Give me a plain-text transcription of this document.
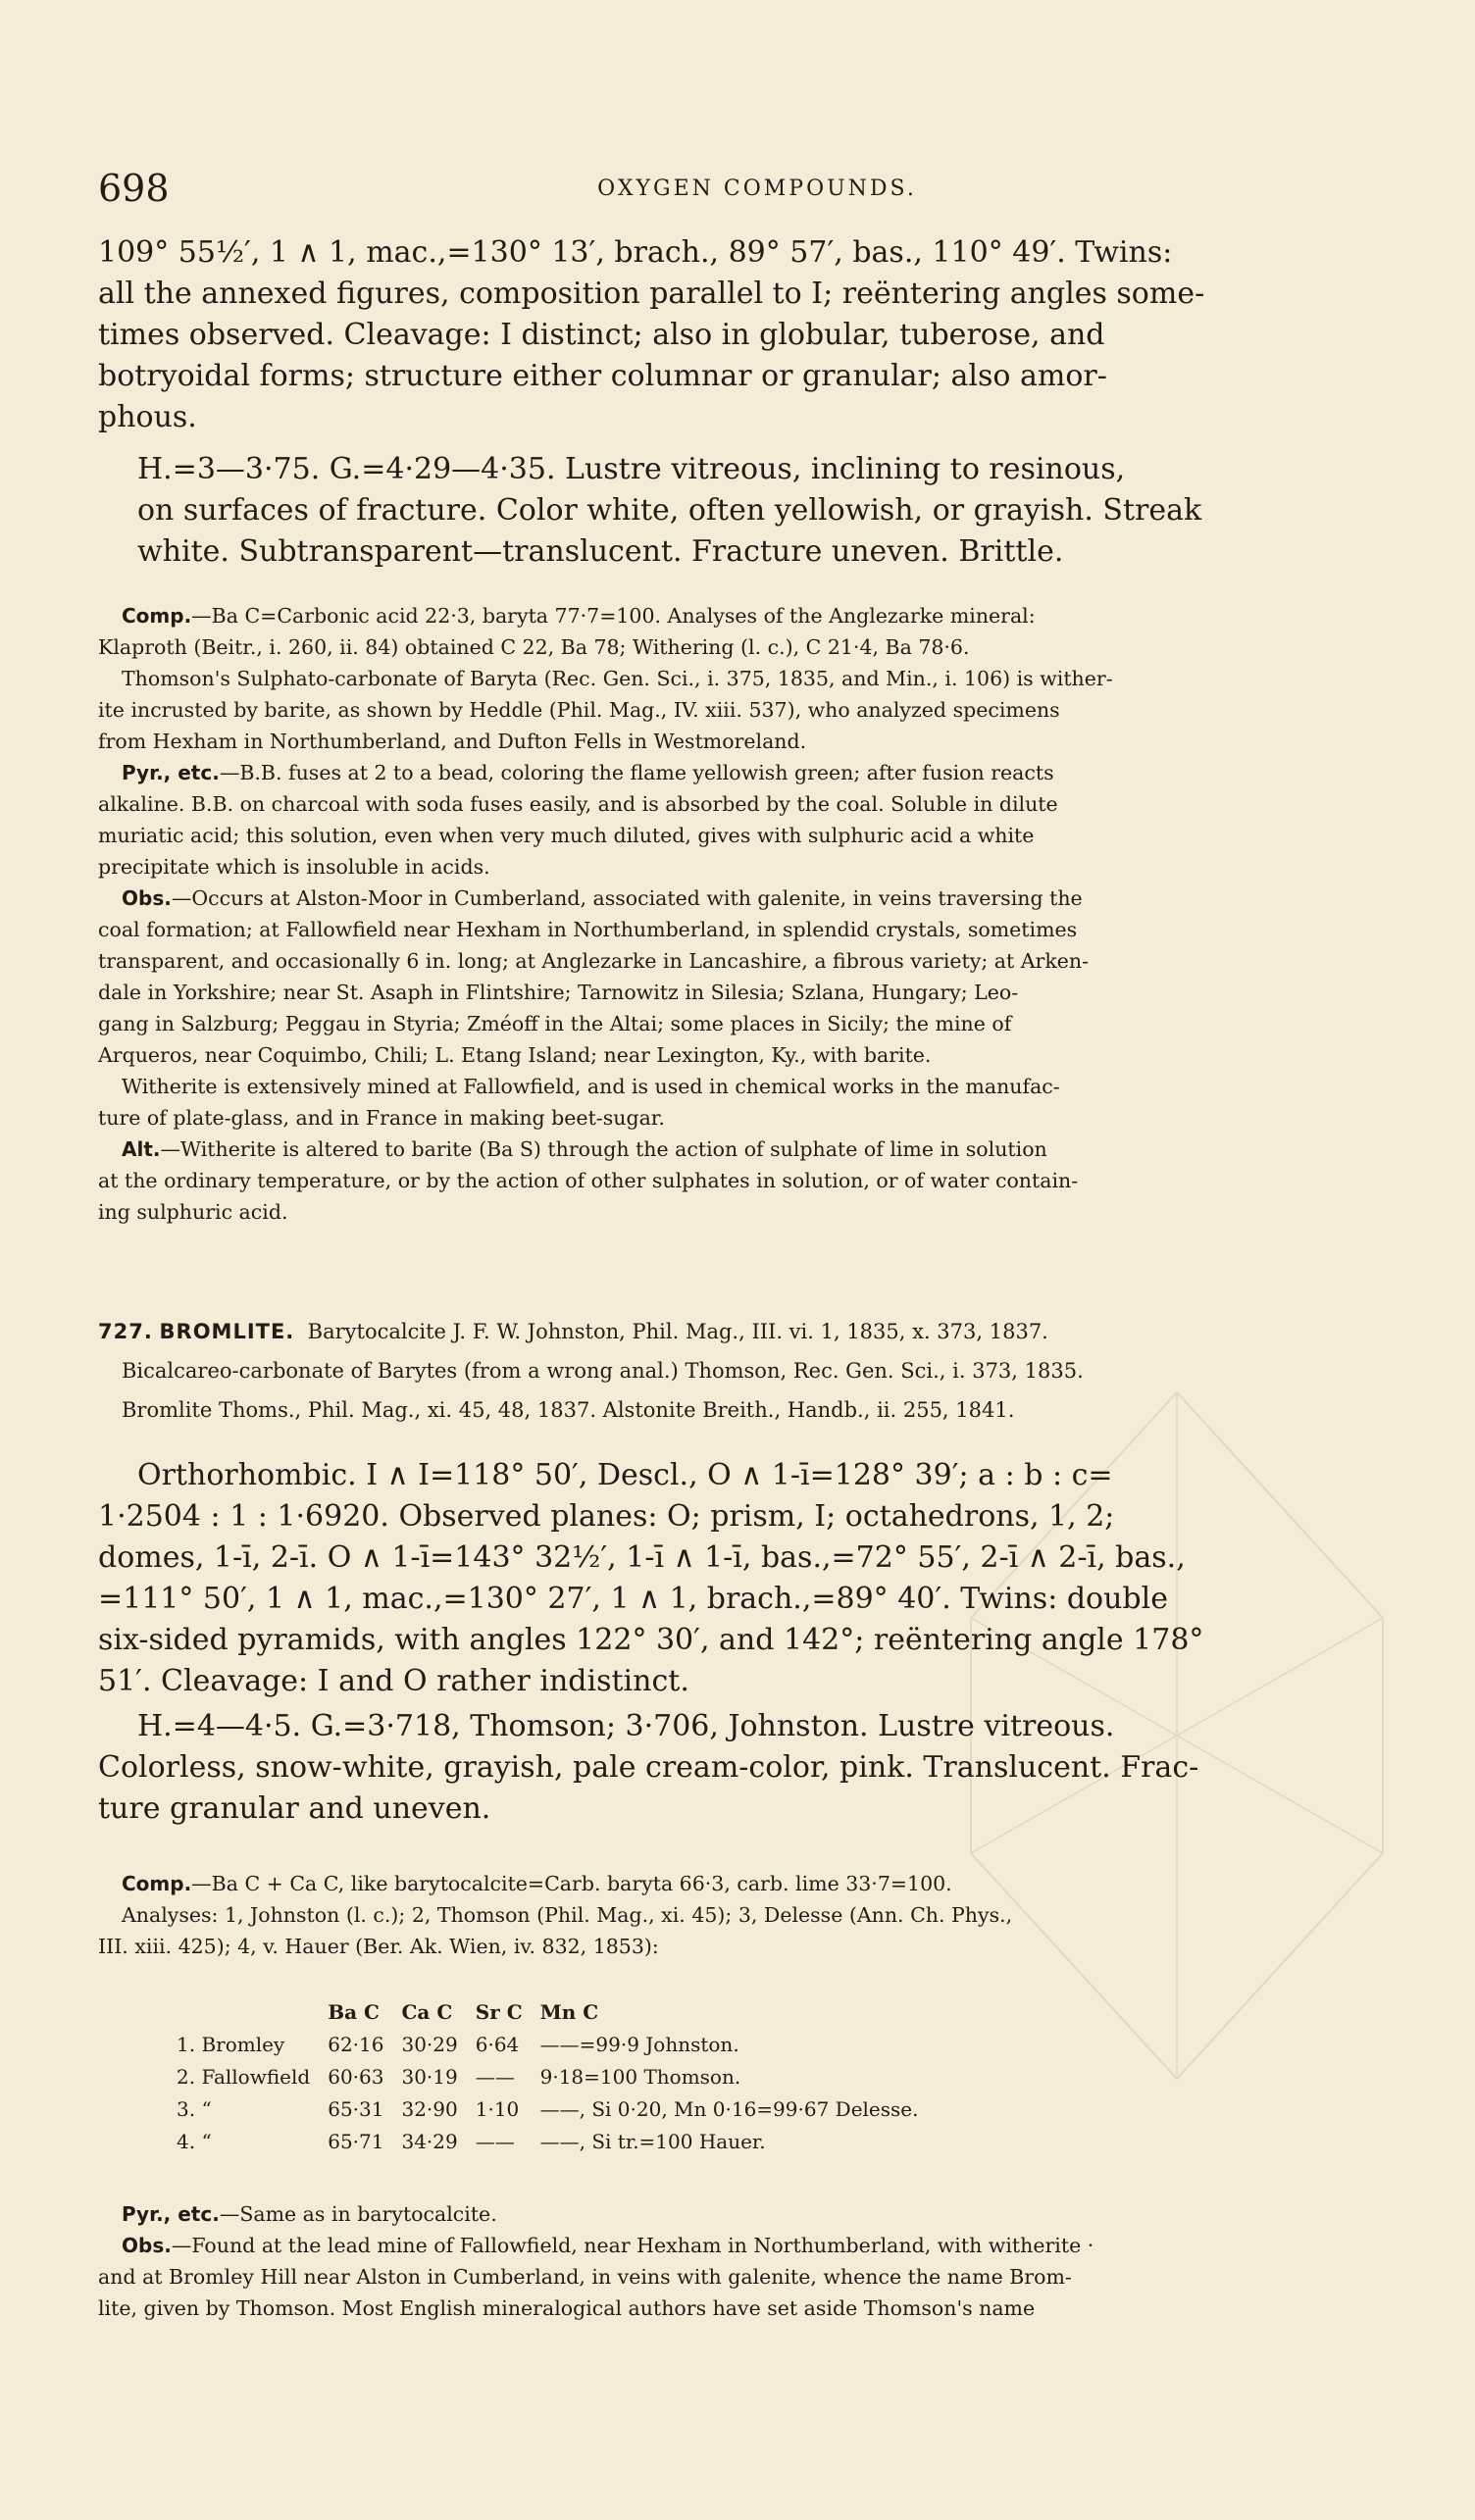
698	OXYGEN COMPOUNDS.

109° 55½′, 1 ∧ 1, mac.,=130° 13′, brach., 89° 57′, bas., 110° 49′. Twins:
all the annexed figures, composition parallel to I; reëntering angles some-
times observed. Cleavage: I distinct; also in globular, tuberose, and
botryoidal forms; structure either columnar or granular; also amor-
phous.

H.=3—3·75. G.=4·29—4·35. Lustre vitreous, inclining to resinous,
on surfaces of fracture. Color white, often yellowish, or grayish. Streak
white. Subtransparent—translucent. Fracture uneven. Brittle.

Comp.—Ba C=Carbonic acid 22·3, baryta 77·7=100. Analyses of the Anglezarke mineral:
Klaproth (Beitr., i. 260, ii. 84) obtained C 22, Ba 78; Withering (l. c.), C 21·4, Ba 78·6.

Thomson's Sulphato-carbonate of Baryta (Rec. Gen. Sci., i. 375, 1835, and Min., i. 106) is wither-
ite incrusted by barite, as shown by Heddle (Phil. Mag., IV. xiii. 537), who analyzed specimens
from Hexham in Northumberland, and Dufton Fells in Westmoreland.

Pyr., etc.—B.B. fuses at 2 to a bead, coloring the flame yellowish green; after fusion reacts
alkaline. B.B. on charcoal with soda fuses easily, and is absorbed by the coal. Soluble in dilute
muriatic acid; this solution, even when very much diluted, gives with sulphuric acid a white
precipitate which is insoluble in acids.

Obs.—Occurs at Alston-Moor in Cumberland, associated with galenite, in veins traversing the
coal formation; at Fallowfield near Hexham in Northumberland, in splendid crystals, sometimes
transparent, and occasionally 6 in. long; at Anglezarke in Lancashire, a fibrous variety; at Arken-
dale in Yorkshire; near St. Asaph in Flintshire; Tarnowitz in Silesia; Szlana, Hungary; Leo-
gang in Salzburg; Peggau in Styria; Zméoff in the Altai; some places in Sicily; the mine of
Arqueros, near Coquimbo, Chili; L. Etang Island; near Lexington, Ky., with barite.

Witherite is extensively mined at Fallowfield, and is used in chemical works in the manufac-
ture of plate-glass, and in France in making beet-sugar.

Alt.—Witherite is altered to barite (Ba S) through the action of sulphate of lime in solution
at the ordinary temperature, or by the action of other sulphates in solution, or of water contain-
ing sulphuric acid.

727. BROMLITE. Barytocalcite J. F. W. Johnston, Phil. Mag., III. vi. 1, 1835, x. 373, 1837.
Bicalcareo-carbonate of Barytes (from a wrong anal.) Thomson, Rec. Gen. Sci., i. 373, 1835.
Bromlite Thoms., Phil. Mag., xi. 45, 48, 1837. Alstonite Breith., Handb., ii. 255, 1841.

Orthorhombic. I ∧ I=118° 50′, Descl., O ∧ 1-ī=128° 39′; a : b : c=
1·2504 : 1 : 1·6920. Observed planes: O; prism, I; octahedrons, 1, 2;
domes, 1-ī, 2-ī. O ∧ 1-ī=143° 32½′, 1-ī ∧ 1-ī, bas.,=72° 55′, 2-ī ∧ 2-ī, bas.,
=111° 50′, 1 ∧ 1, mac.,=130° 27′, 1 ∧ 1, brach.,=89° 40′. Twins: double
six-sided pyramids, with angles 122° 30′, and 142°; reëntering angle 178°
51′. Cleavage: I and O rather indistinct.

H.=4—4·5. G.=3·718, Thomson; 3·706, Johnston. Lustre vitreous.
Colorless, snow-white, grayish, pale cream-color, pink. Translucent. Frac-
ture granular and uneven.

Comp.—Ba C + Ca C, like barytocalcite=Carb. baryta 66·3, carb. lime 33·7=100.
Analyses: 1, Johnston (l. c.); 2, Thomson (Phil. Mag., xi. 45); 3, Delesse (Ann. Ch. Phys.,
III. xiii. 425); 4, v. Hauer (Ber. Ak. Wien, iv. 832, 1853):

	Ba C	Ca C	Sr C	Mn C
1. Bromley	62·16	30·29	6·64	——=99·9 Johnston.
2. Fallowfield	60·63	30·19	——	9·18=100 Thomson.
3. “	65·31	32·90	1·10	——, Si 0·20, Mn 0·16=99·67 Delesse.
4. “	65·71	34·29	——	——, Si tr.=100 Hauer.

Pyr., etc.—Same as in barytocalcite.

Obs.—Found at the lead mine of Fallowfield, near Hexham in Northumberland, with witherite ·
and at Bromley Hill near Alston in Cumberland, in veins with galenite, whence the name Brom-
lite, given by Thomson. Most English mineralogical authors have set aside Thomson's name
